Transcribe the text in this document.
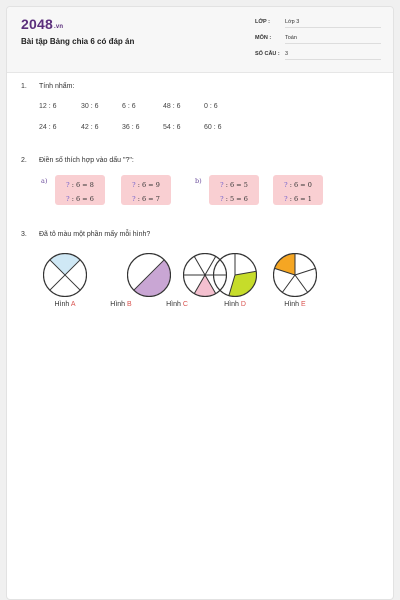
2048.vn
Bài tập Bảng chia 6 có đáp án
LỚP :	Lớp 3
MÔN :	Toán
SỐ CÂU : 3
1. Tính nhẩm:
12 : 6	30 : 6	6 : 6	48 : 6	0 : 6
24 : 6	42 : 6	36 : 6	54 : 6	60 : 6
2. Điền số thích hợp vào dấu "?":
a)	b)
? : 6 = 8
? : 6 = 6
? : 6 = 9
? : 6 = 7
? : 6 = 5
? : 5 = 6
? : 6 = 0
? : 6 = 1
3. Đã tô màu một phần mấy mỗi hình?
Hình A	Hình B	Hình C	Hình D	Hình E
